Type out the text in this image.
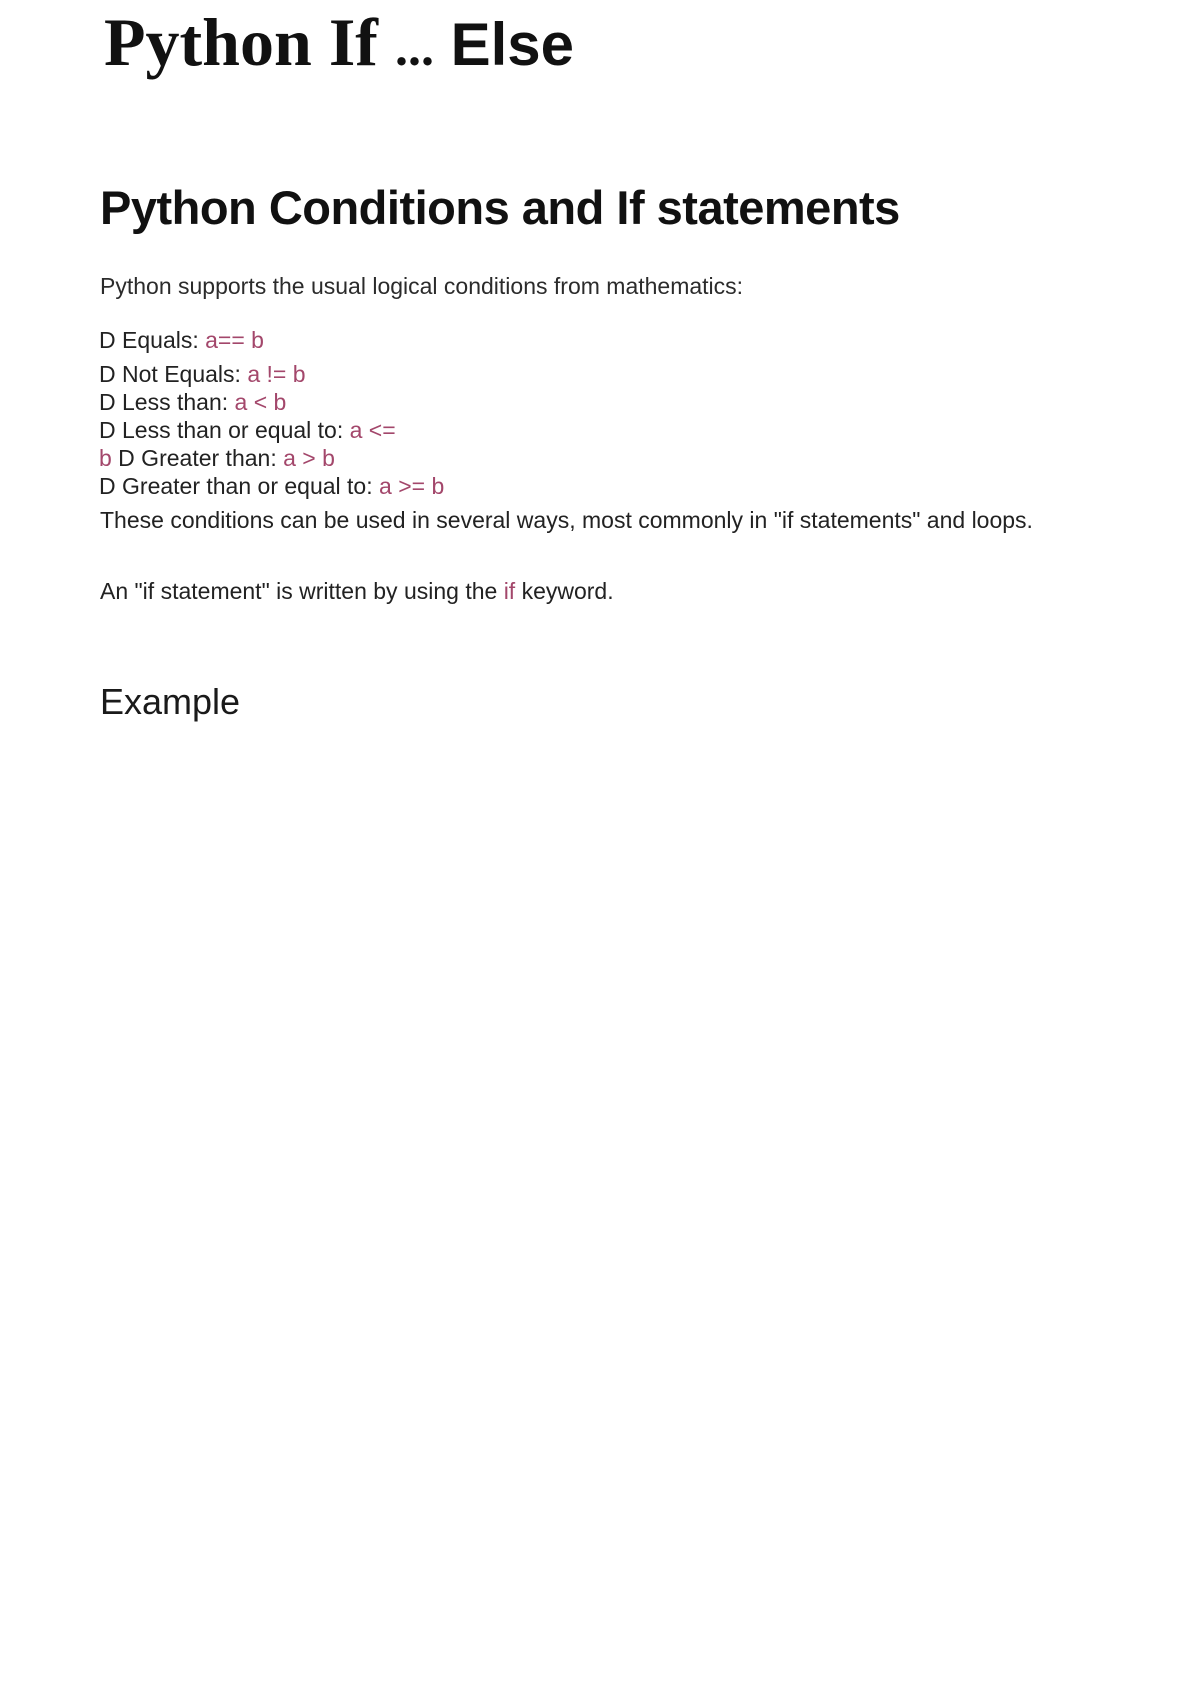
Python If ... Else
Python Conditions and If statements

Python supports the usual logical conditions from mathematics:

D Equals: a== b
D Not Equals: a != b
D Less than: a < b
D Less than or equal to: a <=
b D Greater than: a > b
D Greater than or equal to: a >= b

These conditions can be used in several ways, most commonly in "if statements" and loops.

An "if statement" is written by using the if keyword.

Example
